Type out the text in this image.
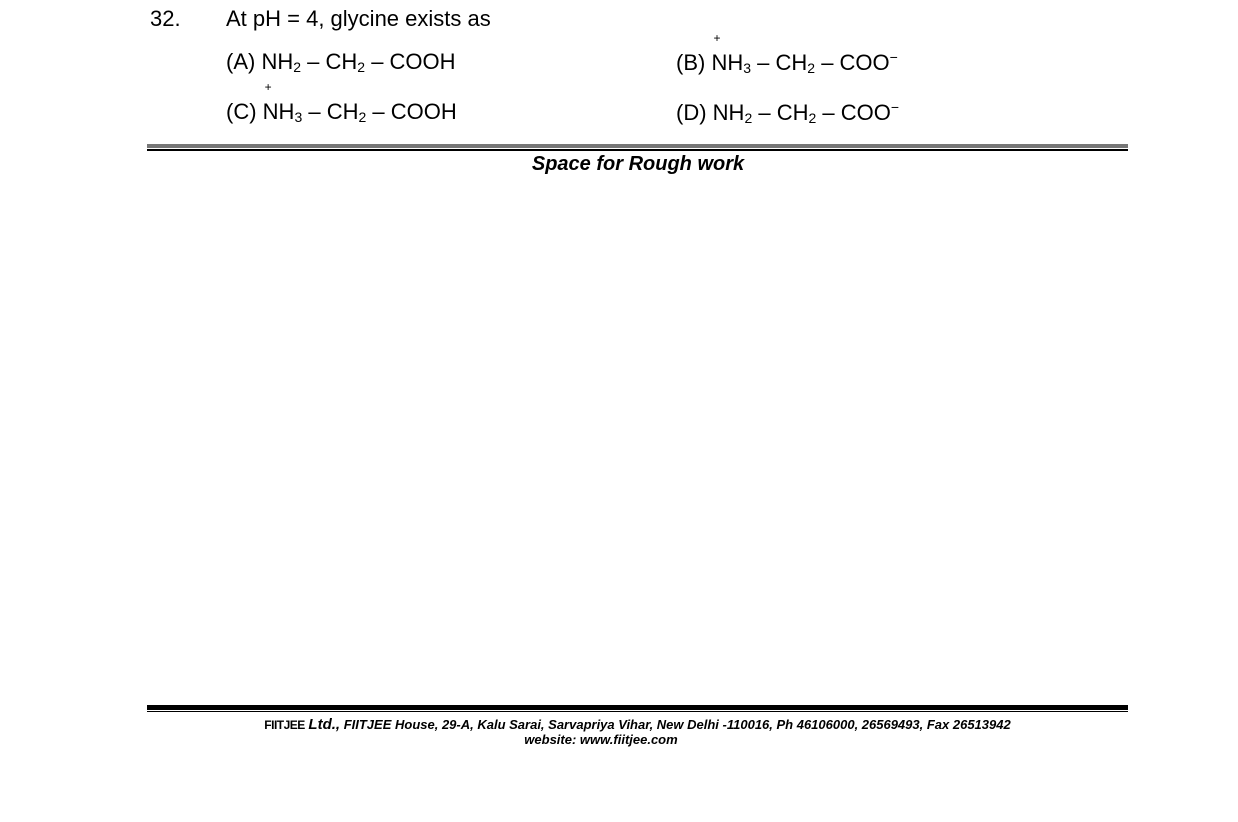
32. At pH = 4, glycine exists as
(A) $NH_2 - CH_2$ – COOH	(B)
+
$NH_3 - CH_2 - COO^-$
(C)
+
$NH_3 - CH_2$ – COOH	(D) $NH_2 - CH_2 - COO^-$
Space for Rough work
FIITJEE Ltd., FIITJEE House, 29-A, Kalu Sarai, Sarvapriya Vihar, New Delhi -110016, Ph 46106000, 26569493, Fax 26513942
website: www.fiitjee.com
